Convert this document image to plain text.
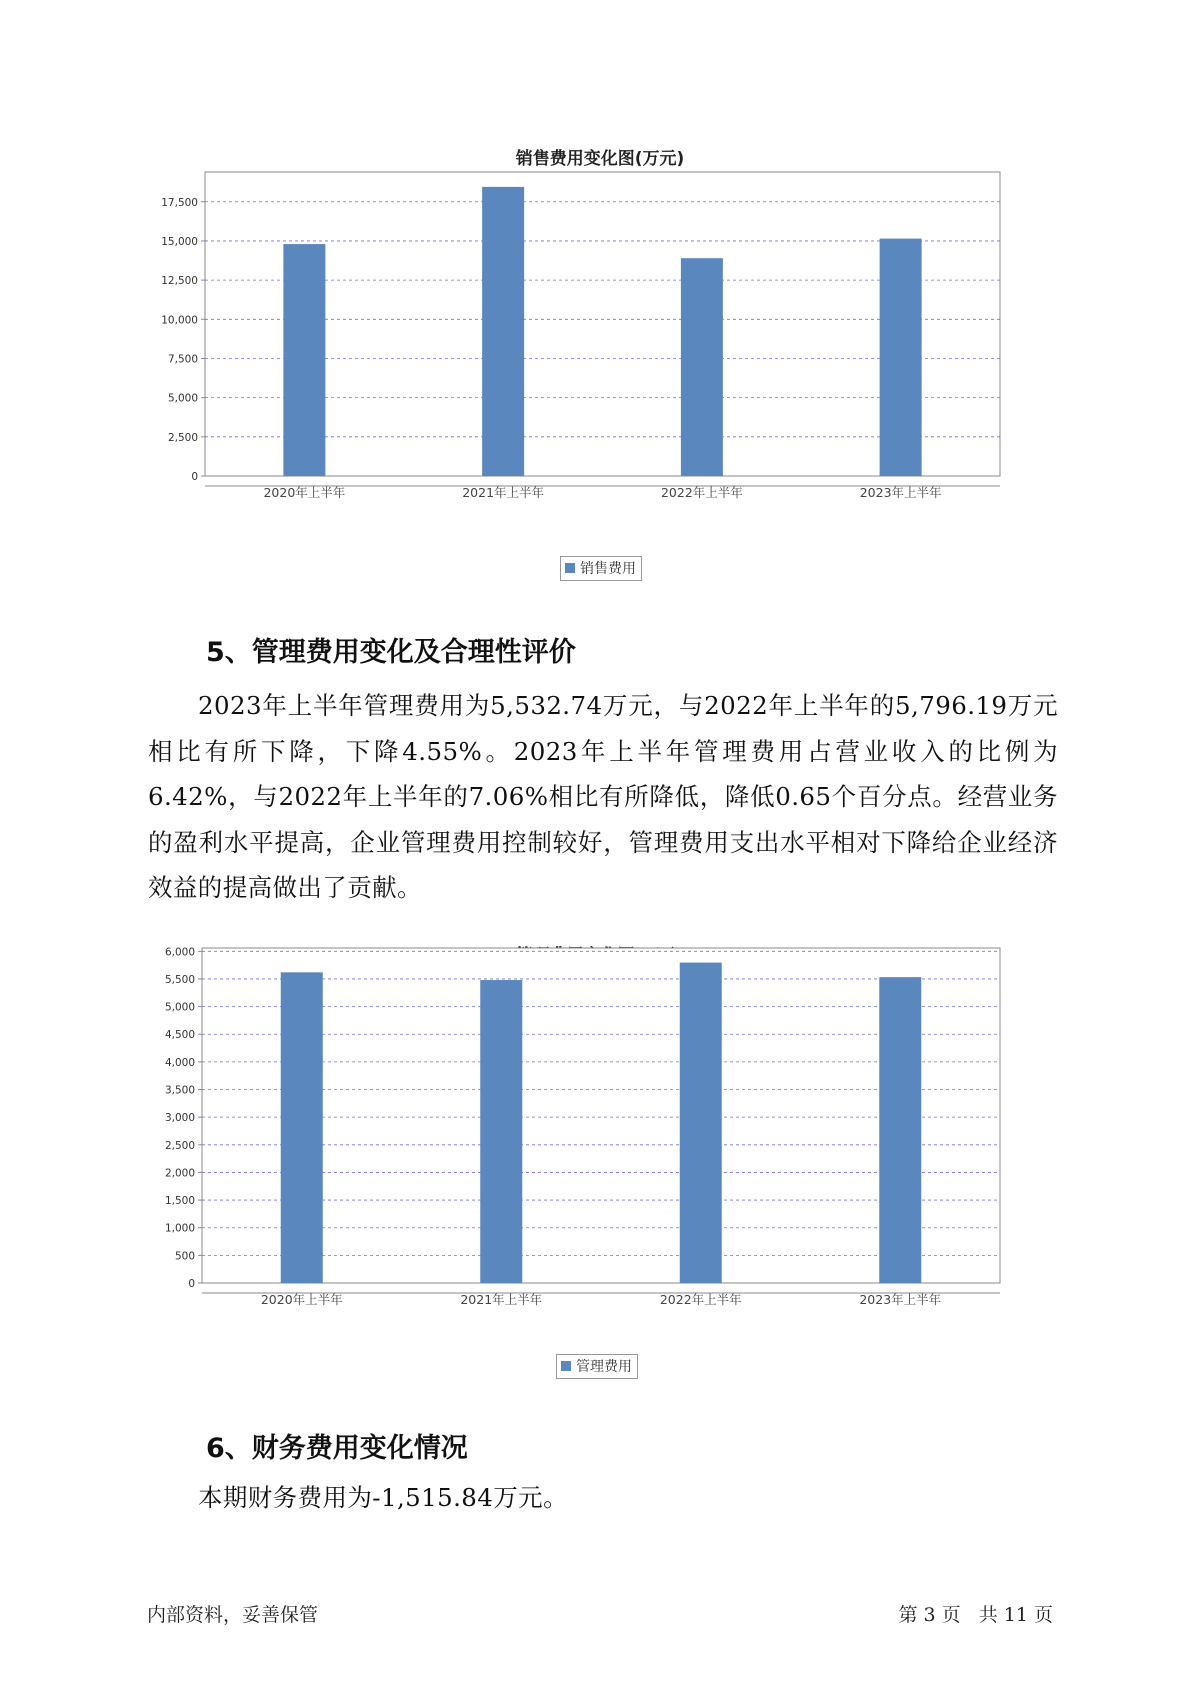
销售费用变化图(万元)
0
2,500
5,000
7,500
10,000
12,500
15,000
17,500
2020年上半年	2021年上半年	2022年上半年	2023年上半年
销售费用
5、管理费用变化及合理性评价
2023年上半年管理费用为5,532.74万元，与2022年上半年的5,796.19万元相比有所下降，下降4.55%。2023年上半年管理费用占营业收入的比例为6.42%，与2022年上半年的7.06%相比有所降低，降低0.65个百分点。经营业务的盈利水平提高，企业管理费用控制较好，管理费用支出水平相对下降给企业经济效益的提高做出了贡献。
0
500
1,000
1,500
2,000
2,500
3,000
3,500
4,000
4,500
5,000
5,500
6,000
2020年上半年	2021年上半年	2022年上半年	2023年上半年
管理费用
6、财务费用变化情况
本期财务费用为-1,515.84万元。
内部资料，妥善保管	第 3 页   共 11 页
